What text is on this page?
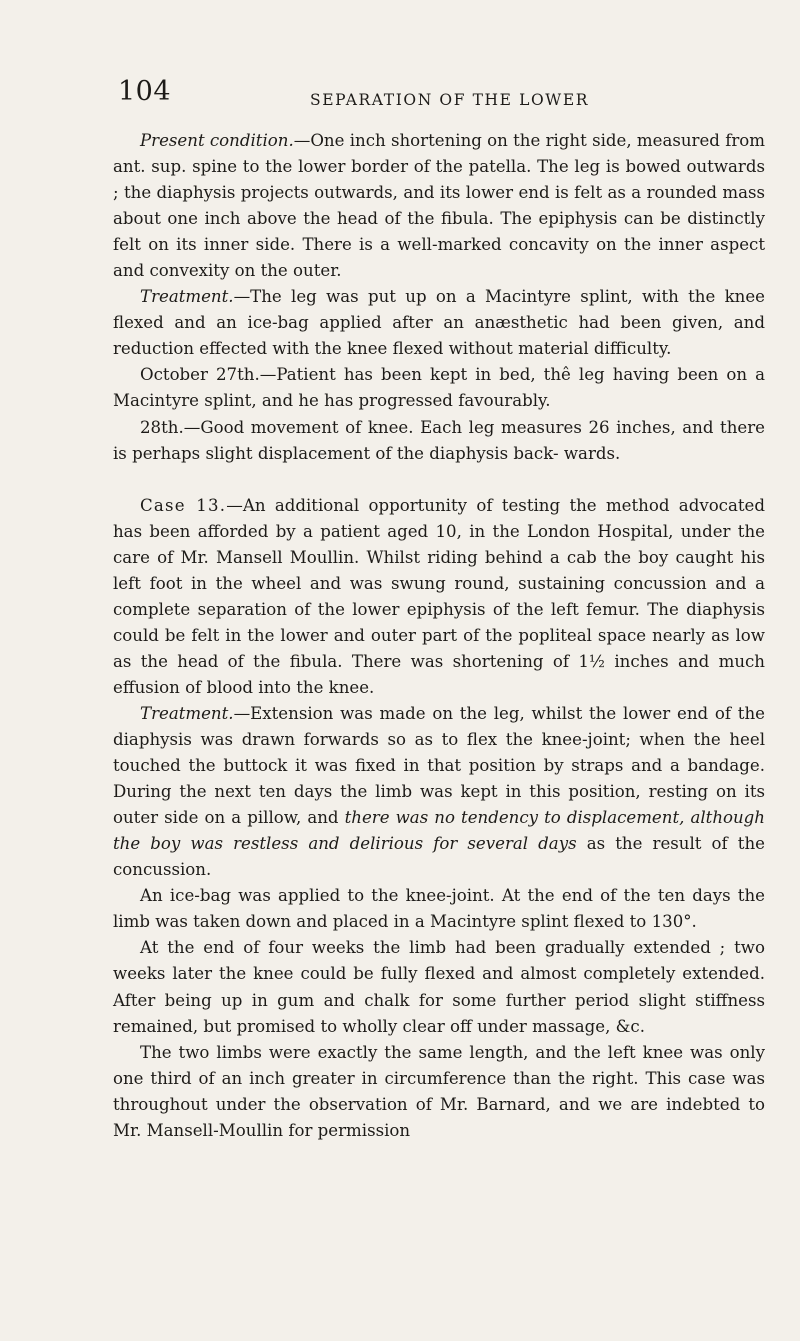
104	SEPARATION OF THE LOWER

Present condition.—One inch shortening on the right side, measured from ant. sup. spine to the lower border of the patella. The leg is bowed outwards ; the diaphysis projects outwards, and its lower end is felt as a rounded mass about one inch above the head of the fibula. The epiphysis can be distinctly felt on its inner side. There is a well-marked concavity on the inner aspect and convexity on the outer.

Treatment.—The leg was put up on a Macintyre splint, with the knee flexed and an ice-bag applied after an anæsthetic had been given, and reduction effected with the knee flexed without material difficulty.

October 27th.—Patient has been kept in bed, thê leg having been on a Macintyre splint, and he has progressed favourably.

28th.—Good movement of knee. Each leg measures 26 inches, and there is perhaps slight displacement of the diaphysis back- wards.

Case 13.—An additional opportunity of testing the method advocated has been afforded by a patient aged 10, in the London Hospital, under the care of Mr. Mansell Moullin. Whilst riding behind a cab the boy caught his left foot in the wheel and was swung round, sustaining concussion and a complete separation of the lower epiphysis of the left femur. The diaphysis could be felt in the lower and outer part of the popliteal space nearly as low as the head of the fibula. There was shortening of 1½ inches and much effusion of blood into the knee.

Treatment.—Extension was made on the leg, whilst the lower end of the diaphysis was drawn forwards so as to flex the knee-joint; when the heel touched the buttock it was fixed in that position by straps and a bandage. During the next ten days the limb was kept in this position, resting on its outer side on a pillow, and there was no tendency to displacement, although the boy was restless and delirious for several days as the result of the concussion.

An ice-bag was applied to the knee-joint. At the end of the ten days the limb was taken down and placed in a Macintyre splint flexed to 130°.

At the end of four weeks the limb had been gradually extended ; two weeks later the knee could be fully flexed and almost completely extended. After being up in gum and chalk for some further period slight stiffness remained, but promised to wholly clear off under massage, &c.

The two limbs were exactly the same length, and the left knee was only one third of an inch greater in circumference than the right. This case was throughout under the observation of Mr. Barnard, and we are indebted to Mr. Mansell-Moullin for permission
